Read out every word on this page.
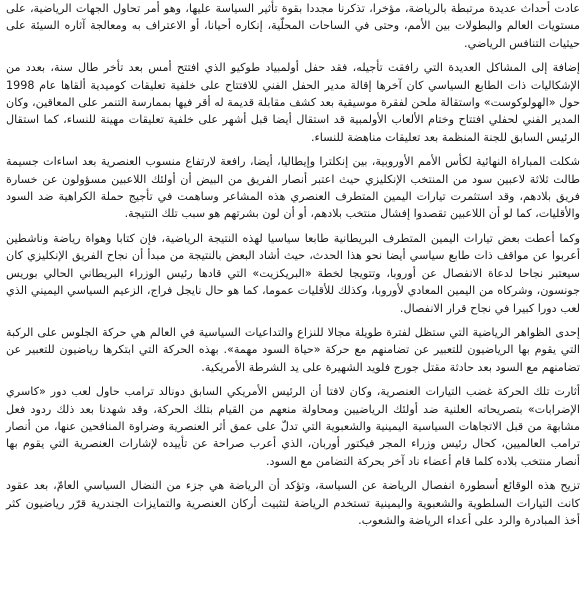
عادت أحداث عديدة مرتبطة بالرياضة، مؤخرا، تذكرنا مجددا بقوة تأثير السياسة عليها، وهو أمر تحاول الجهات الرياضية، على مستويات العالم والبطولات بين الأمم، وحتى في الساحات المحلّية، إنكاره أحيانا، أو الاعتراف به ومعالجة آثاره السيئة على حيثيات التنافس الرياضي.

إضافة إلى المشاكل العديدة التي رافقت تأجيله، فقد حفل أولمبياد طوكيو الذي افتتح أمس بعد تأخر طال سنة، بعدد من الإشكاليات ذات الطابع السياسي كان آخرها إقالة مدير الحفل الفني للافتتاح على خلفية تعليقات كوميدية ألقاها عام 1998 حول «الهولوكوست» واستقالة ملحن لفقرة موسيقية بعد كشف مقابلة قديمة له أقر فيها بممارسة التنمر على المعاقين، وكان المدير الفني لحفلي افتتاح وختام الألعاب الأولمبية قد استقال أيضا قبل أشهر على خلفية تعليقات مهينة للنساء، كما استقال الرئيس السابق للجنة المنظمة بعد تعليقات مناهضة للنساء.

شكلت المباراة النهائية لكأس الأمم الأوروبية، بين إنكلترا وإيطاليا، أيضا، رافعة لارتفاع منسوب العنصرية بعد اساءات جسيمة طالت ثلاثة لاعبين سود من المنتخب الإنكليزي حيث اعتبر أنصار الفريق من البيض أن أولئك اللاعبين مسؤولون عن خسارة فريق بلادهم، وقد استثمرت تيارات اليمين المتطرف العنصري هذه المشاعر وساهمت في تأجيج حملة الكراهية ضد السود والأقليات، كما لو أن اللاعبين تقصدوا إفشال منتخب بلادهم، أو أن لون بشرتهم هو سبب تلك النتيجة.

وكما أعطت بعض تيارات اليمين المتطرف البريطانية طابعا سياسيا لهذه النتيجة الرياضية، فإن كتابا وهواة رياضة وناشطين أعربوا عن مواقف ذات طابع سياسي أيضا نحو هذا الحدث، حيث أشاد البعض بالنتيجة من مبدأ أن نجاح الفريق الإنكليزي كان سيعتبر نجاحا لدعاة الانفصال عن أوروبا، وتتويجا لخطة «البريكزيت» التي قادها رئيس الوزراء البريطاني الحالي بوريس جونسون، وشركاه من اليمين المعادي لأوروبا، وكذلك للأقليات عموما، كما هو حال نايجل فراج، الزعيم السياسي اليميني الذي لعب دورا كبيرا في نجاح قرار الانفصال.

إحدى الظواهر الرياضية التي ستظل لفترة طويلة مجالا للنزاع والتداعيات السياسية في العالم هي حركة الجلوس على الركبة التي يقوم بها الرياضيون للتعبير عن تضامنهم مع حركة «حياة السود مهمة». بهذه الحركة التي ابتكرها رياضيون للتعبير عن تضامنهم مع السود بعد حادثة مقتل جورج فلويد الشهيرة على يد الشرطة الأمريكية.

أثارت تلك الحركة غضب التيارات العنصرية، وكان لافتا أن الرئيس الأمريكي السابق دونالد ترامب حاول لعب دور «كاسري الإضرابات» بتصريحاته العلنية ضد أولئك الرياضيين ومحاولة منعهم من القيام بتلك الحركة، وقد شهدنا بعد ذلك ردود فعل مشابهة من قبل الاتجاهات السياسية اليمينية والشعبوية التي تدلّ على عمق أثر العنصرية وضراوة المنافحين عنها، من أنصار ترامب العالميين، كحال رئيس وزراء المجر فيكتور أوربان، الذي أعرب صراحة عن تأييده لإشارات العنصرية التي يقوم بها أنصار منتخب بلاده كلما قام أعضاء ناد آخر بحركة التضامن مع السود.

تزيح هذه الوقائع أسطورة انفصال الرياضة عن السياسة، وتؤكد أن الرياضة هي جزء من النضال السياسي العامّ، بعد عقود كانت التيارات السلطوية والشعبوية واليمينية تستخدم الرياضة لتثبيت أركان العنصرية والتمايزات الجندرية قرّر رياضيون كثر أخذ المبادرة والرد على أعداء الرياضة والشعوب.
